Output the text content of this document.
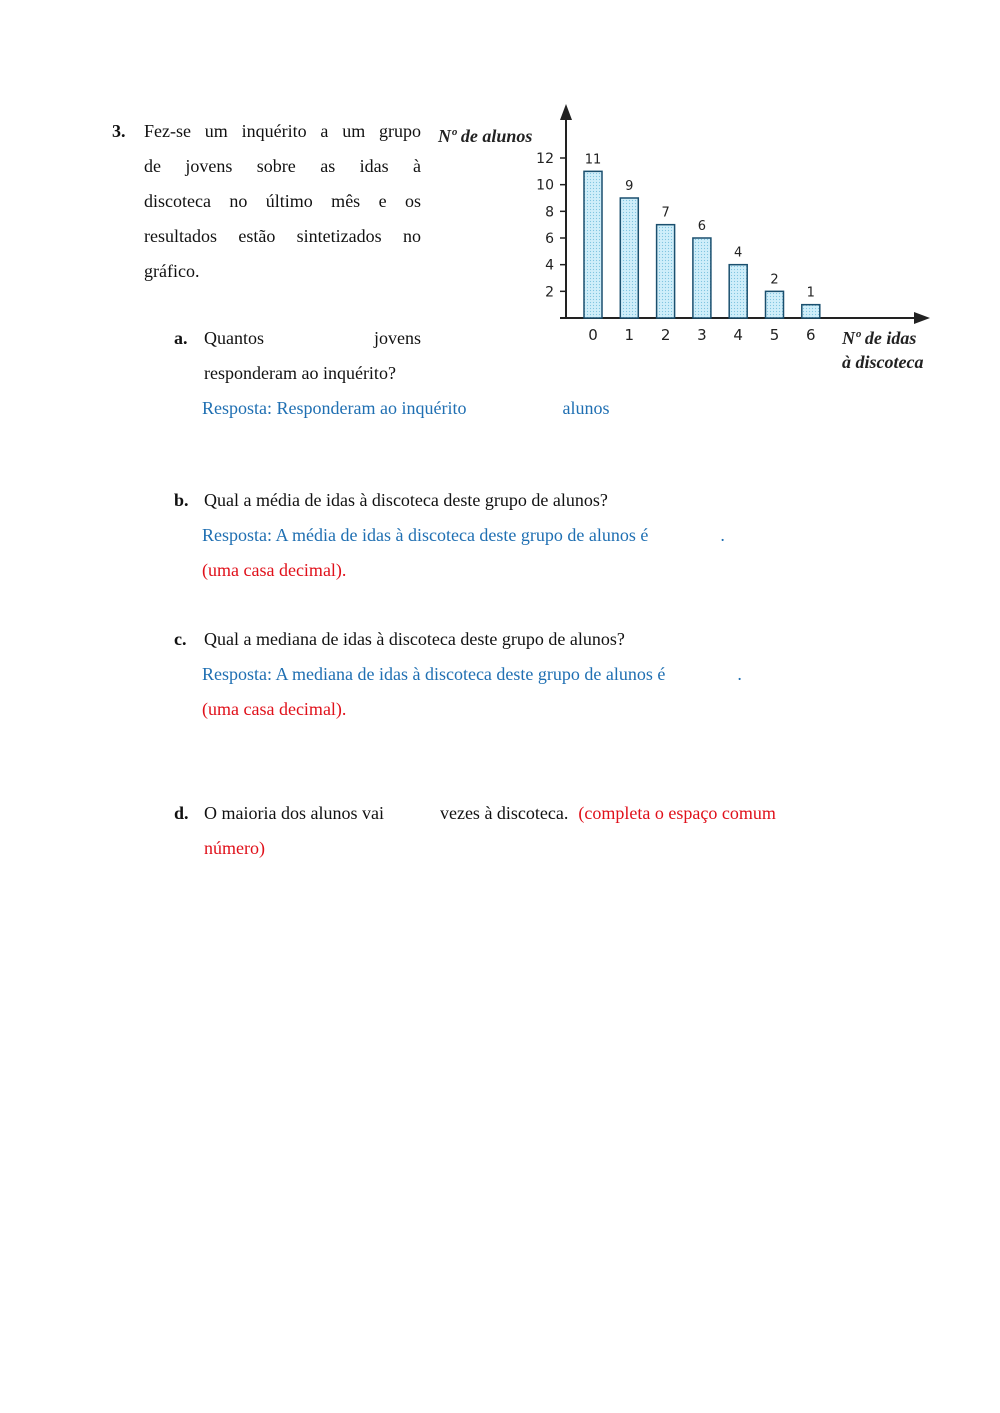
3. Fez-se um inquérito a um grupo
de jovens sobre as idas à
discoteca no último mês e os
resultados estão sintetizados no
gráfico.
Nº de alunos
Nº de idas
à discoteca
2
4
6
8
10
12 11
0
9
1
7
2
6
3
4
4
2
5
1
6
a. Quantos jovens
responderam ao inquérito?
Resposta: Responderam ao inquérito	alunos
b. Qual a média de idas à discoteca deste grupo de alunos?
Resposta: A média de idas à discoteca deste grupo de alunos é	.
(uma casa decimal).
c. Qual a mediana de idas à discoteca deste grupo de alunos?
Resposta: A mediana de idas à discoteca deste grupo de alunos é	.
(uma casa decimal).
d. O maioria dos alunos vai	vezes à discoteca. (completa o espaço comum
número)
